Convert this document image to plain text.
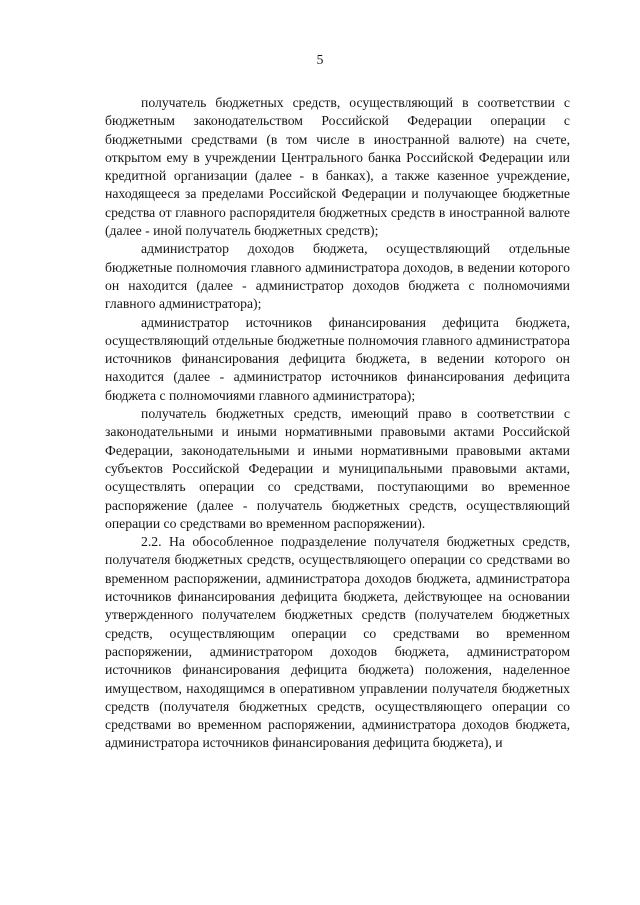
5

получатель бюджетных средств, осуществляющий в соответствии с бюджетным законодательством Российской Федерации операции с бюджетными средствами (в том числе в иностранной валюте) на счете, открытом ему в учреждении Центрального банка Российской Федерации или кредитной организации (далее - в банках), а также казенное учреждение, находящееся за пределами Российской Федерации и получающее бюджетные средства от главного распорядителя бюджетных средств в иностранной валюте (далее - иной получатель бюджетных средств);

администратор доходов бюджета, осуществляющий отдельные бюджетные полномочия главного администратора доходов, в ведении которого он находится (далее - администратор доходов бюджета с полномочиями главного администратора);

администратор источников финансирования дефицита бюджета, осуществляющий отдельные бюджетные полномочия главного администратора источников финансирования дефицита бюджета, в ведении которого он находится (далее - администратор источников финансирования дефицита бюджета с полномочиями главного администратора);

получатель бюджетных средств, имеющий право в соответствии с законодательными и иными нормативными правовыми актами Российской Федерации, законодательными и иными нормативными правовыми актами субъектов Российской Федерации и муниципальными правовыми актами, осуществлять операции со средствами, поступающими во временное распоряжение (далее - получатель бюджетных средств, осуществляющий операции со средствами во временном распоряжении).

2.2. На обособленное подразделение получателя бюджетных средств, получателя бюджетных средств, осуществляющего операции со средствами во временном распоряжении, администратора доходов бюджета, администратора источников финансирования дефицита бюджета, действующее на основании утвержденного получателем бюджетных средств (получателем бюджетных средств, осуществляющим операции со средствами во временном распоряжении, администратором доходов бюджета, администратором источников финансирования дефицита бюджета) положения, наделенное имуществом, находящимся в оперативном управлении получателя бюджетных средств (получателя бюджетных средств, осуществляющего операции со средствами во временном распоряжении, администратора доходов бюджета, администратора источников финансирования дефицита бюджета), и
